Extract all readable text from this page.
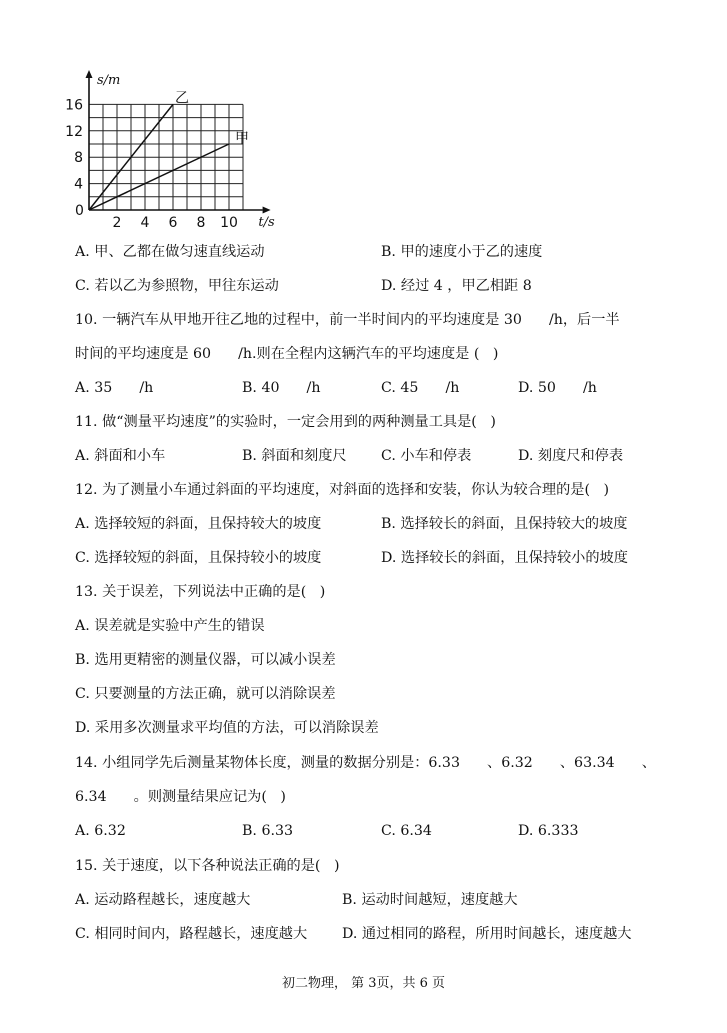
s/m
t/s
0
2 4 6 8 10
16
12
8
4
乙
甲
A. 甲、乙都在做匀速直线运动	B. 甲的速度小于乙的速度
C. 若以乙为参照物，甲往东运动	D. 经过 4 ，甲乙相距 8
10. 一辆汽车从甲地开往乙地的过程中，前一半时间内的平均速度是 30      /h，后一半
时间的平均速度是 60      /h.则在全程内这辆汽车的平均速度是 (   )
A. 35      /h	B. 40      /h	C. 45      /h	D. 50      /h
11. 做“测量平均速度”的实验时，一定会用到的两种测量工具是(   )
A. 斜面和小车	B. 斜面和刻度尺 C. 小车和停表	D. 刻度尺和停表
12. 为了测量小车通过斜面的平均速度，对斜面的选择和安装，你认为较合理的是(   )
A. 选择较短的斜面，且保持较大的坡度	B. 选择较长的斜面，且保持较大的坡度
C. 选择较短的斜面，且保持较小的坡度	D. 选择较长的斜面，且保持较小的坡度
13. 关于误差，下列说法中正确的是(   )
A. 误差就是实验中产生的错误
B. 选用更精密的测量仪器，可以减小误差
C. 只要测量的方法正确，就可以消除误差
D. 采用多次测量求平均值的方法，可以消除误差
14. 小组同学先后测量某物体长度，测量的数据分别是：6.33      、6.32      、63.34      、
6.34      。则测量结果应记为(   )
A. 6.32	B. 6.33	C. 6.34	D. 6.333
15. 关于速度，以下各种说法正确的是(   )
A. 运动路程越长，速度越大	B. 运动时间越短，速度越大
C. 相同时间内，路程越长，速度越大 D. 通过相同的路程，所用时间越长，速度越大
初二物理， 第 3页，共 6 页
